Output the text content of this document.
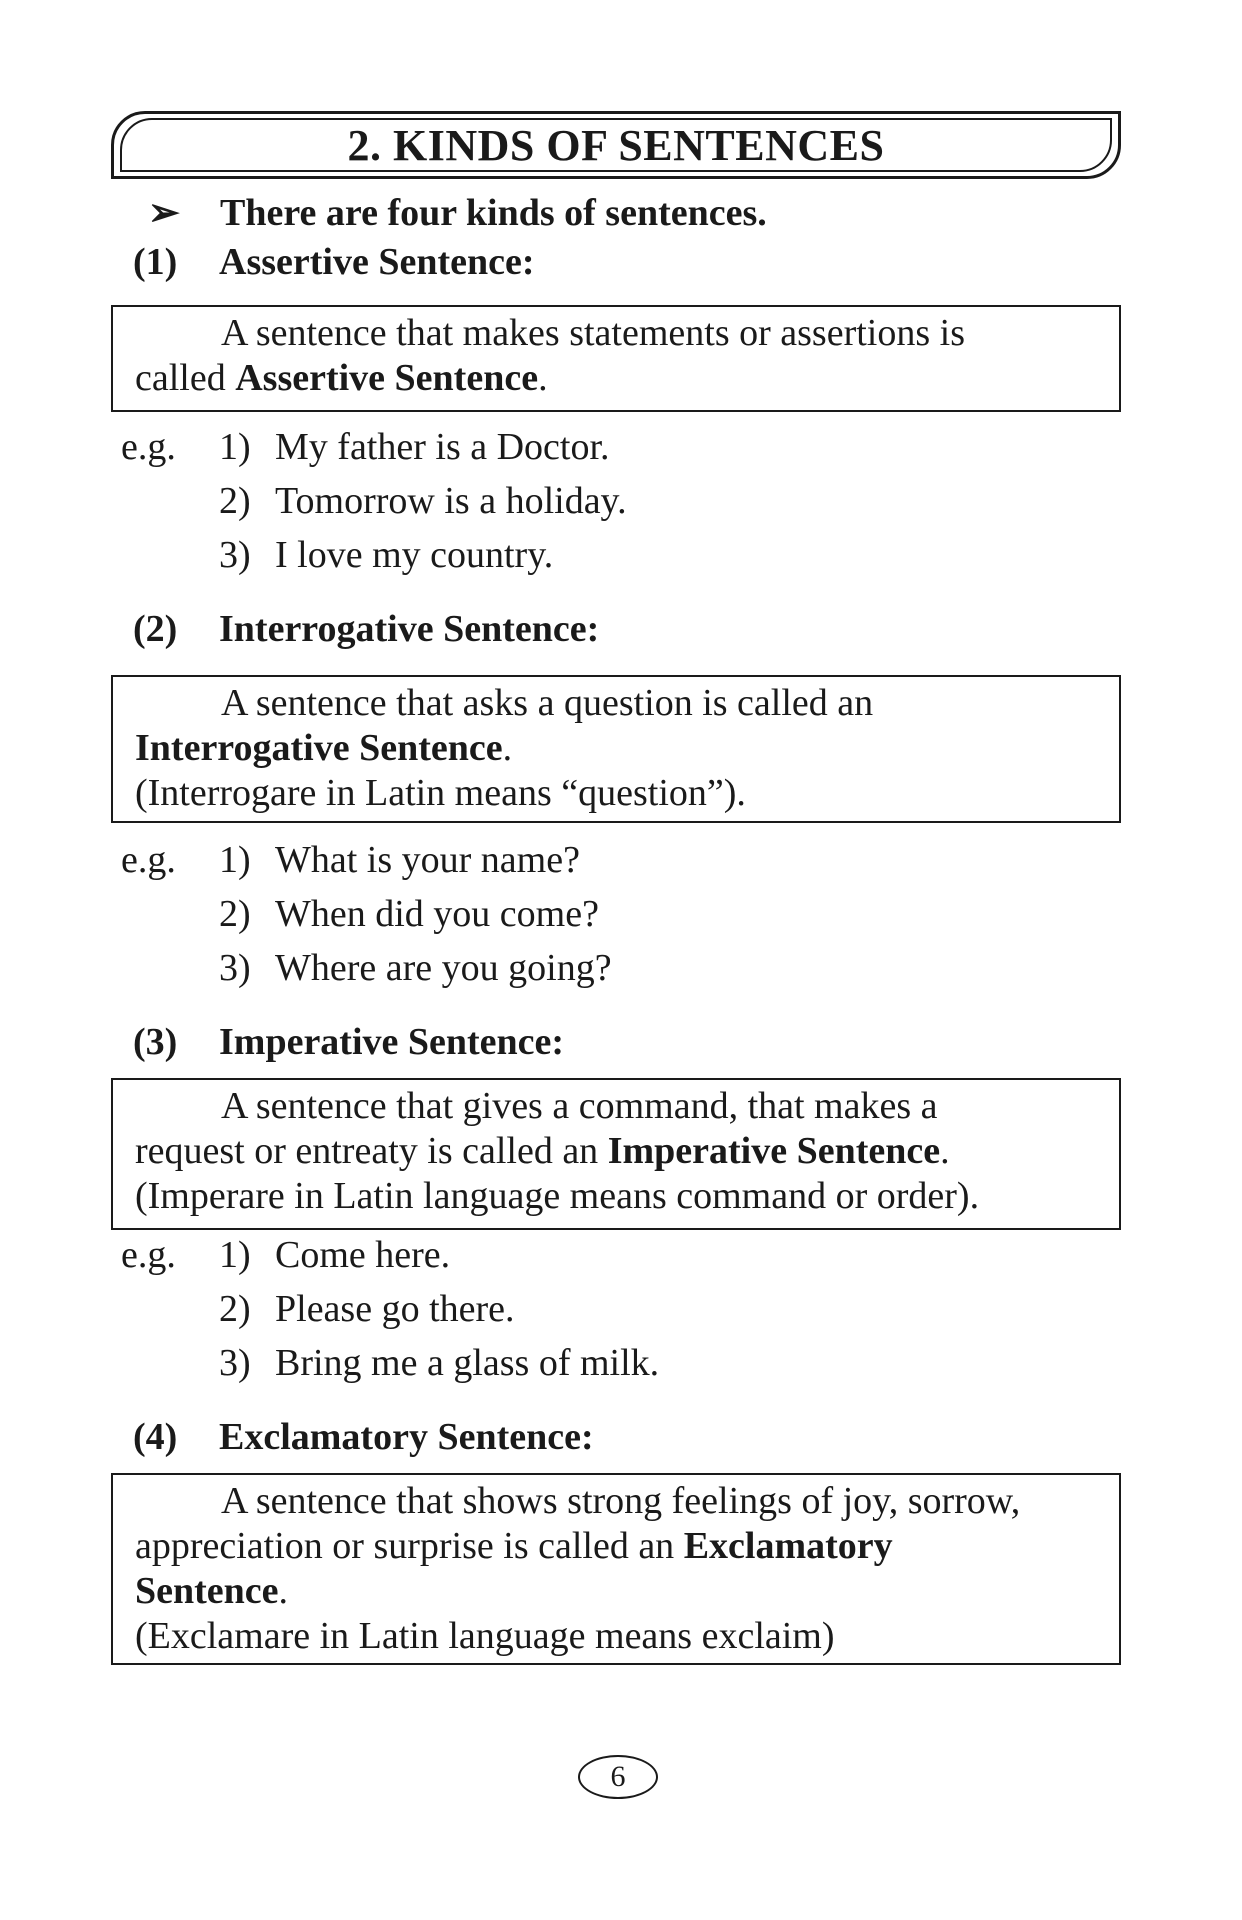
2. KINDS OF SENTENCES
➢ There are four kinds of sentences.
(1) Assertive Sentence:

A sentence that makes statements or assertions is

called Assertive Sentence.

e.g. 1) My father is a Doctor.
2) Tomorrow is a holiday.
3) I love my country.
(2) Interrogative Sentence:

A sentence that asks a question is called an

Interrogative Sentence.

(Interrogare in Latin means “question”).

e.g. 1) What is your name?
2) When did you come?
3) Where are you going?
(3) Imperative Sentence:

A sentence that gives a command, that makes a

request or entreaty is called an Imperative Sentence.

(Imperare in Latin language means command or order).

e.g. 1) Come here.
2) Please go there.
3) Bring me a glass of milk.
(4) Exclamatory Sentence:

A sentence that shows strong feelings of joy, sorrow,

appreciation or surprise is called an Exclamatory

Sentence.

(Exclamare in Latin language means exclaim)

6
